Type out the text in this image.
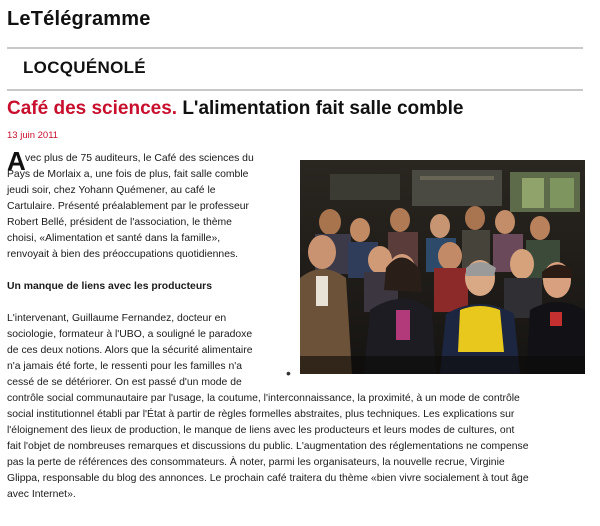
LeTélégramme
LOCQUÉNOLÉ
Café des sciences. L'alimentation fait salle comble
13 juin 2011
A vec plus de 75 auditeurs, le Café des sciences du
Pays de Morlaix a, une fois de plus, fait salle comble
jeudi soir, chez Yohann Quémener, au café le
Cartulaire. Présenté préalablement par le professeur
Robert Bellé, président de l'association, le thème
choisi, «Alimentation et santé dans la famille»,
renvoyait à bien des préoccupations quotidiennes.
Un manque de liens avec les producteurs
L'intervenant, Guillaume Fernandez, docteur en
sociologie, formateur à l'UBO, a souligné le paradoxe
de ces deux notions. Alors que la sécurité alimentaire
n'a jamais été forte, le ressenti pour les familles n'a
cessé de se détériorer. On est passé d'un mode de
contrôle social communautaire par l'usage, la coutume, l'interconnaissance, la proximité, à un mode de contrôle
social institutionnel établi par l'État à partir de règles formelles abstraites, plus techniques. Les explications sur
l'éloignement des lieux de production, le manque de liens avec les producteurs et leurs modes de cultures, ont
fait l'objet de nombreuses remarques et discussions du public. L'augmentation des réglementations ne compense
pas la perte de références des consommateurs. À noter, parmi les organisateurs, la nouvelle recrue, Virginie
Glippa, responsable du blog des annonces. Le prochain café traitera du thème «bien vivre socialement à tout âge
avec Internet».
•
